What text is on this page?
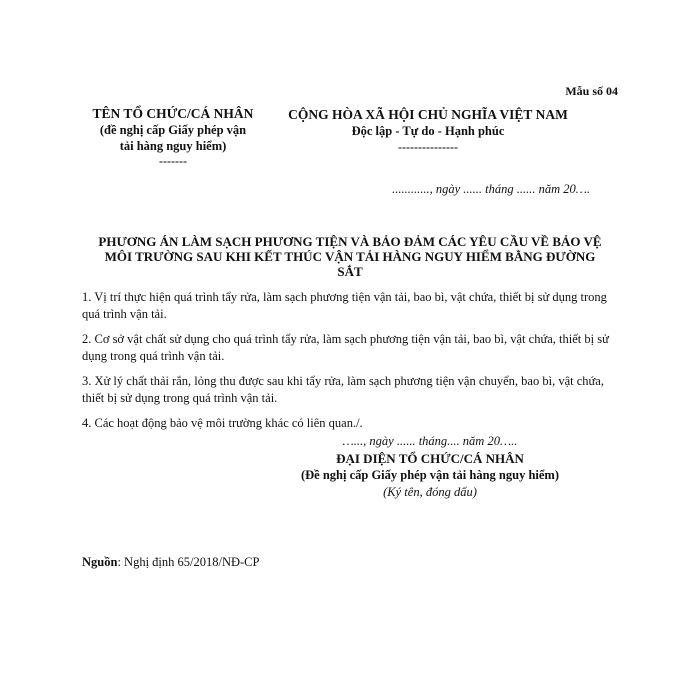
Mẫu số 04
TÊN TỔ CHỨC/CÁ NHÂN
(đề nghị cấp Giấy phép vận
tải hàng nguy hiểm)
-------
CỘNG HÒA XÃ HỘI CHỦ NGHĨA VIỆT NAM
Độc lập - Tự do - Hạnh phúc
---------------
............, ngày ...... tháng ...... năm 20….
PHƯƠNG ÁN LÀM SẠCH PHƯƠNG TIỆN VÀ BẢO ĐẢM CÁC YÊU CẦU VỀ BẢO VỆ
MÔI TRƯỜNG SAU KHI KẾT THÚC VẬN TẢI HÀNG NGUY HIỂM BẰNG ĐƯỜNG
SẮT

1. Vị trí thực hiện quá trình tẩy rửa, làm sạch phương tiện vận tải, bao bì, vật chứa, thiết bị sử dụng trong quá trình vận tải.

2. Cơ sở vật chất sử dụng cho quá trình tẩy rửa, làm sạch phương tiện vận tải, bao bì, vật chứa, thiết bị sử dụng trong quá trình vận tải.

3. Xử lý chất thải rắn, lỏng thu được sau khi tẩy rửa, làm sạch phương tiện vận chuyển, bao bì, vật chứa, thiết bị sử dụng trong quá trình vận tải.

4. Các hoạt động bảo vệ môi trường khác có liên quan./.

…..., ngày ...... tháng.... năm 20…..
ĐẠI DIỆN TỔ CHỨC/CÁ NHÂN
(Đề nghị cấp Giấy phép vận tải hàng nguy hiểm)
(Ký tên, đóng dấu)
Nguồn: Nghị định 65/2018/NĐ-CP
